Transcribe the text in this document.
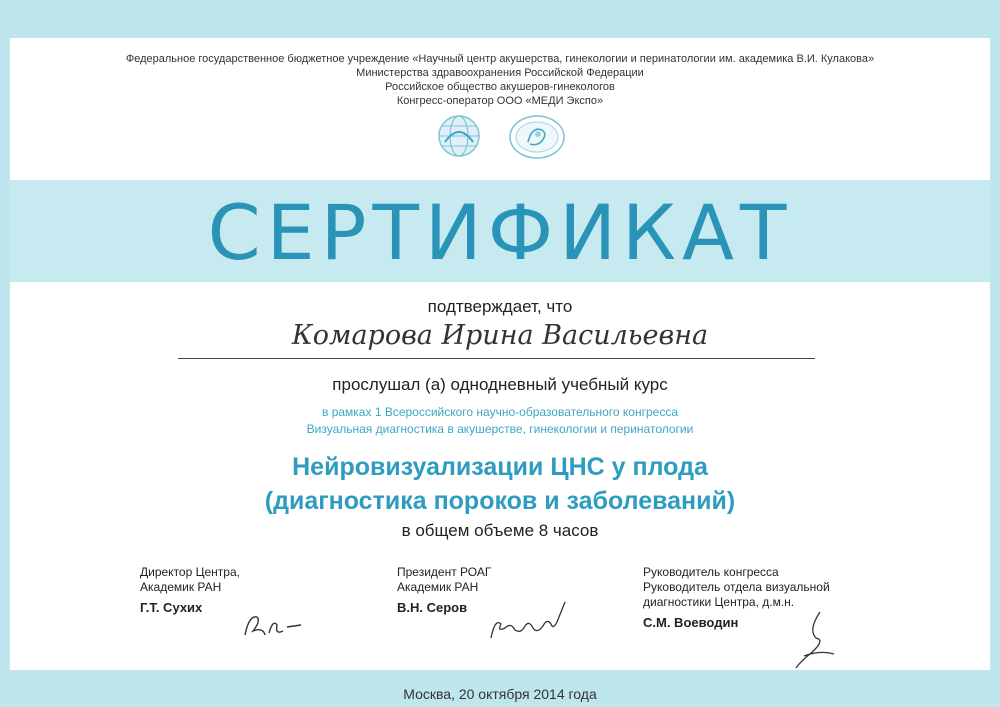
Федеральное государственное бюджетное учреждение «Научный центр акушерства, гинекологии и перинатологии им. академика В.И. Кулакова»
Министерства здравоохранения Российской Федерации
Российское общество акушеров-гинекологов
Конгресс-оператор ООО «МЕДИ Экспо»
СЕРТИФИКАТ
подтверждает, что
Комарова Ирина Васильевна
прослушал (а) однодневный учебный курс
в рамках 1 Всероссийского научно-образовательного конгресса
Визуальная диагностика в акушерстве, гинекологии и перинатологии
Нейровизуализации ЦНС у плода
(диагностика пороков и заболеваний)
в общем объеме 8 часов
Директор Центра,
Академик РАН
Г.Т. Сухих
Президент РОАГ
Академик РАН
В.Н. Серов
Руководитель конгресса
Руководитель отдела визуальной
диагностики Центра, д.м.н.
С.М. Воеводин
Москва, 20 октября 2014 года
